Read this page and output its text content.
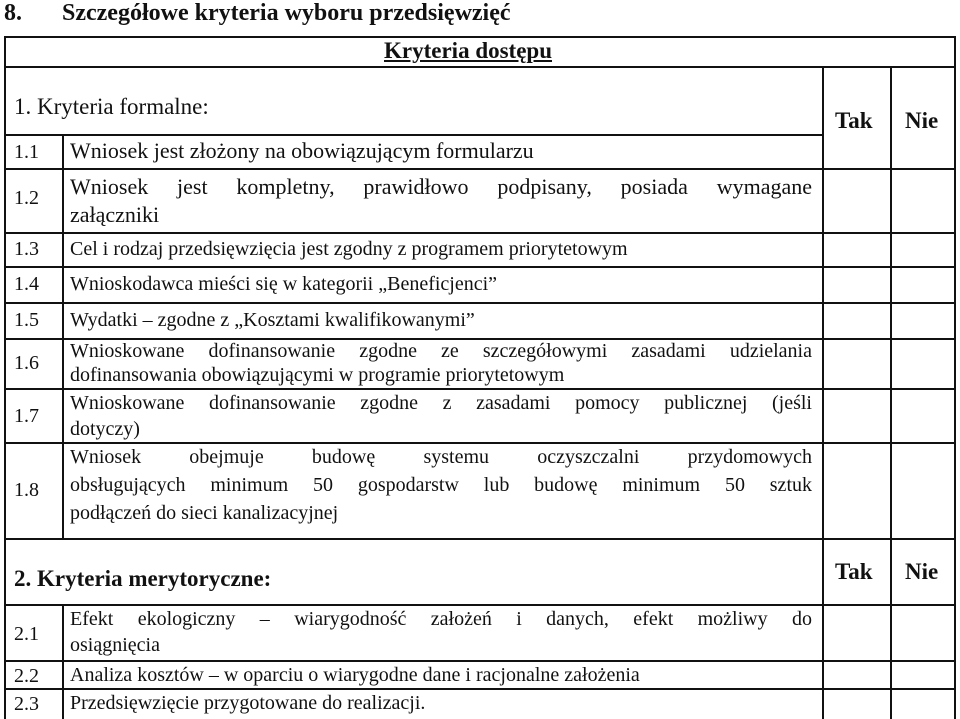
8. Szczegółowe kryteria wyboru przedsięwzięć
Kryteria dostępu
1. Kryteria formalne:
Tak Nie
1.1 Wniosek jest złożony na obowiązującym formularzu
1.2 Wniosek jest kompletny, prawidłowo podpisany, posiada wymagane
załączniki
1.3 Cel i rodzaj przedsięwzięcia jest zgodny z programem priorytetowym
1.4 Wnioskodawca mieści się w kategorii „Beneficjenci”
1.5 Wydatki – zgodne z „Kosztami kwalifikowanymi”
1.6
Wnioskowane dofinansowanie zgodne ze szczegółowymi zasadami udzielania
dofinansowania obowiązującymi w programie priorytetowym
1.7
Wnioskowane dofinansowanie zgodne z zasadami pomocy publicznej (jeśli
dotyczy)
1.8
Wniosek obejmuje budowę systemu oczyszczalni przydomowych
obsługujących minimum 50 gospodarstw lub budowę minimum 50 sztuk
podłączeń do sieci kanalizacyjnej
2. Kryteria merytoryczne:	Tak Nie
2.1
Efekt ekologiczny – wiarygodność założeń i danych, efekt możliwy do
osiągnięcia
2.2 Analiza kosztów – w oparciu o wiarygodne dane i racjonalne założenia
2.3 Przedsięwzięcie przygotowane do realizacji.
